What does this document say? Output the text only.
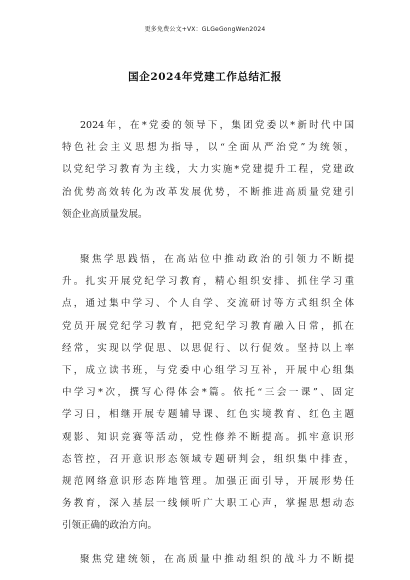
更多免费公文+VX：GLGeGongWen2024
国企2024年党建工作总结汇报
2024年，在*党委的领导下，集团党委以*新时代中国
特色社会主义思想为指导，以“全面从严治党”为统领，
以党纪学习教育为主线，大力实施*党建提升工程，党建政
治优势高效转化为改革发展优势，不断推进高质量党建引
领企业高质量发展。
聚焦学思践悟，在高站位中推动政治的引领力不断提
升。扎实开展党纪学习教育，精心组织安排、抓住学习重
点，通过集中学习、个人自学、交流研讨等方式组织全体
党员开展党纪学习教育，把党纪学习教育融入日常，抓在
经常，实现以学促思、以思促行、以行促效。坚持以上率
下，成立读书班，与党委中心组学习互补，开展中心组集
中学习*次，撰写心得体会*篇。依托“三会一课”、固定
学习日，相继开展专题辅导课、红色实境教育、红色主题
观影、知识竞赛等活动，党性修养不断提高。抓牢意识形
态管控，召开意识形态领域专题研判会，组织集中排查，
规范网络意识形态阵地管理。加强正面引导，开展形势任
务教育，深入基层一线倾听广大职工心声，掌握思想动态
引领正确的政治方向。
聚焦党建统领，在高质量中推动组织的战斗力不断提
